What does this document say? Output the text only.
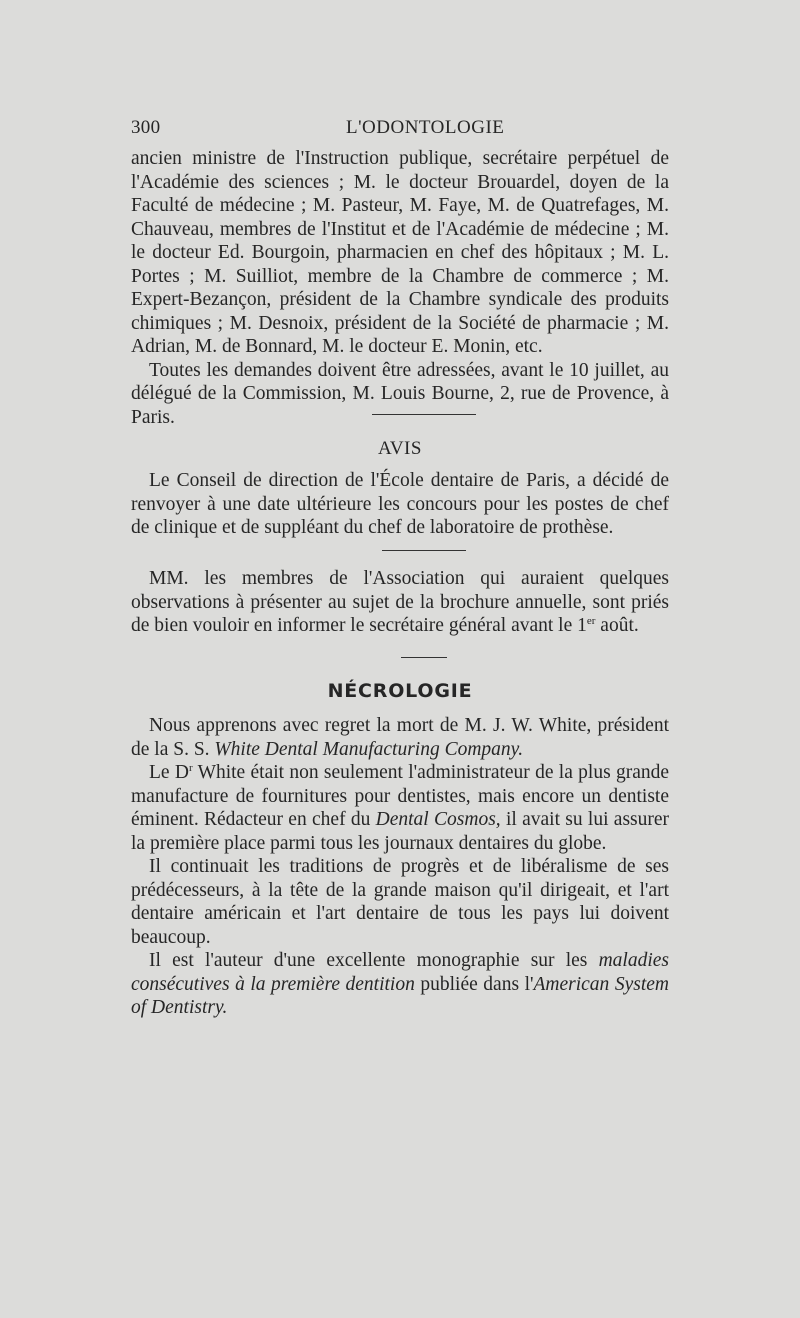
300	L'ODONTOLOGIE

ancien ministre de l'Instruction publique, secrétaire perpétuel de l'Académie des sciences ; M. le docteur Brouardel, doyen de la Faculté de médecine ; M. Pasteur, M. Faye, M. de Quatrefages, M. Chauveau, membres de l'Institut et de l'Académie de médecine ; M. le docteur Ed. Bourgoin, pharmacien en chef des hôpitaux ; M. L. Portes ; M. Suilliot, membre de la Chambre de commerce ; M. Expert-Bezançon, président de la Chambre syndicale des produits chimiques ; M. Desnoix, président de la Société de pharmacie ; M. Adrian, M. de Bonnard, M. le docteur E. Monin, etc.

Toutes les demandes doivent être adressées, avant le 10 juillet, au délégué de la Commission, M. Louis Bourne, 2, rue de Provence, à Paris.

AVIS

Le Conseil de direction de l'École dentaire de Paris, a décidé de renvoyer à une date ultérieure les concours pour les postes de chef de clinique et de suppléant du chef de laboratoire de prothèse.

MM. les membres de l'Association qui auraient quelques observations à présenter au sujet de la brochure annuelle, sont priés de bien vouloir en informer le secrétaire général avant le 1er août.

NÉCROLOGIE

Nous apprenons avec regret la mort de M. J. W. White, président de la S. S. White Dental Manufacturing Company.

Le $D^r$ White était non seulement l'administrateur de la plus grande manufacture de fournitures pour dentistes, mais encore un dentiste éminent. Rédacteur en chef du Dental Cosmos, il avait su lui assurer la première place parmi tous les journaux dentaires du globe.

Il continuait les traditions de progrès et de libéralisme de ses prédécesseurs, à la tête de la grande maison qu'il dirigeait, et l'art dentaire américain et l'art dentaire de tous les pays lui doivent beaucoup.

Il est l'auteur d'une excellente monographie sur les maladies consécutives à la première dentition publiée dans l'American System of Dentistry.
